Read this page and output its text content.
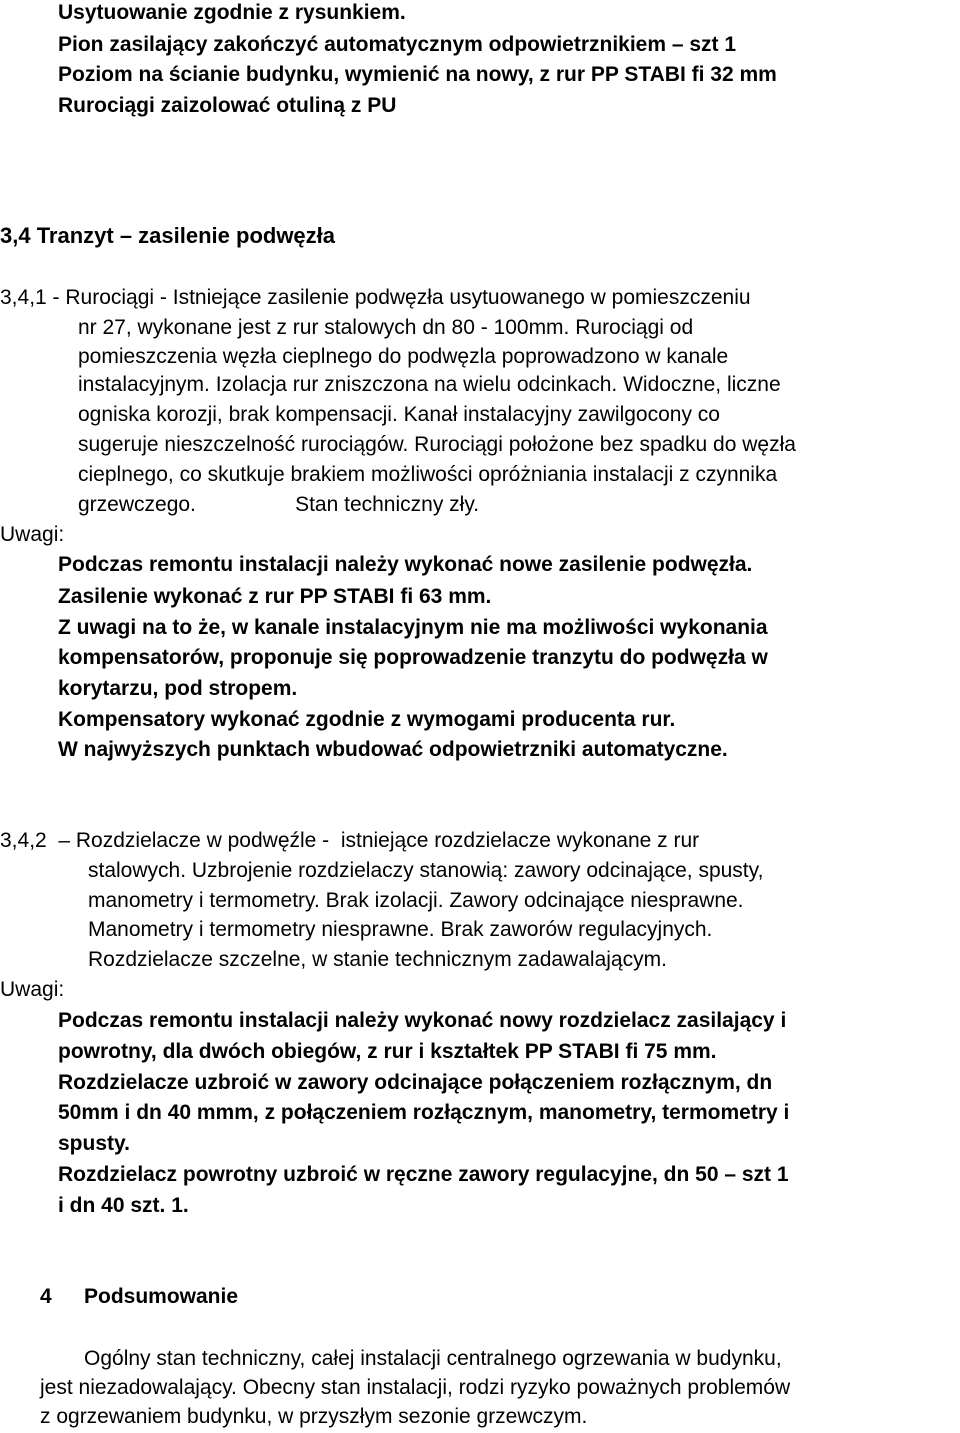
Usytuowanie zgodnie z rysunkiem.

Pion zasilający zakończyć automatycznym odpowietrznikiem – szt 1

Poziom na ścianie budynku, wymienić na nowy, z rur PP STABI fi 32 mm

Rurociągi zaizolować otuliną z PU

3,4 Tranzyt – zasilenie podwęzła

3,4,1 - Rurociągi - Istniejące zasilenie podwęzła usytuowanego w pomieszczeniu

nr 27, wykonane jest z rur stalowych dn 80 - 100mm. Rurociągi od

pomieszczenia węzła cieplnego do podwęzla poprowadzono w kanale

instalacyjnym. Izolacja rur zniszczona na wielu odcinkach. Widoczne, liczne

ogniska korozji, brak kompensacji. Kanał instalacyjny zawilgocony co

sugeruje nieszczelność rurociągów. Rurociągi położone bez spadku do węzła

cieplnego, co skutkuje brakiem możliwości opróżniania instalacji z czynnika

grzewczego.                 Stan techniczny zły.

Uwagi:

Podczas remontu instalacji należy wykonać nowe zasilenie podwęzła.

Zasilenie wykonać z rur PP STABI fi 63 mm.

Z uwagi na to że, w kanale instalacyjnym nie ma możliwości wykonania

kompensatorów, proponuje się poprowadzenie tranzytu do podwęzła w

korytarzu, pod stropem.

Kompensatory wykonać zgodnie z wymogami producenta rur.

W najwyższych punktach wbudować odpowietrzniki automatyczne.

3,4,2  – Rozdzielacze w podwęźle -  istniejące rozdzielacze wykonane z rur

stalowych. Uzbrojenie rozdzielaczy stanowią: zawory odcinające, spusty,

manometry i termometry. Brak izolacji. Zawory odcinające niesprawne.

Manometry i termometry niesprawne. Brak zaworów regulacyjnych.

Rozdzielacze szczelne, w stanie technicznym zadawalającym.

Uwagi:

Podczas remontu instalacji należy wykonać nowy rozdzielacz zasilający i

powrotny, dla dwóch obiegów, z rur i kształtek PP STABI fi 75 mm.

Rozdzielacze uzbroić w zawory odcinające połączeniem rozłącznym, dn

50mm i dn 40 mmm, z połączeniem rozłącznym, manometry, termometry i

spusty.

Rozdzielacz powrotny uzbroić w ręczne zawory regulacyjne, dn 50 – szt 1

i dn 40 szt. 1.

4 Podsumowanie

Ogólny stan techniczny, całej instalacji centralnego ogrzewania w budynku,

jest niezadowalający. Obecny stan instalacji, rodzi ryzyko poważnych problemów

z ogrzewaniem budynku, w przyszłym sezonie grzewczym.
